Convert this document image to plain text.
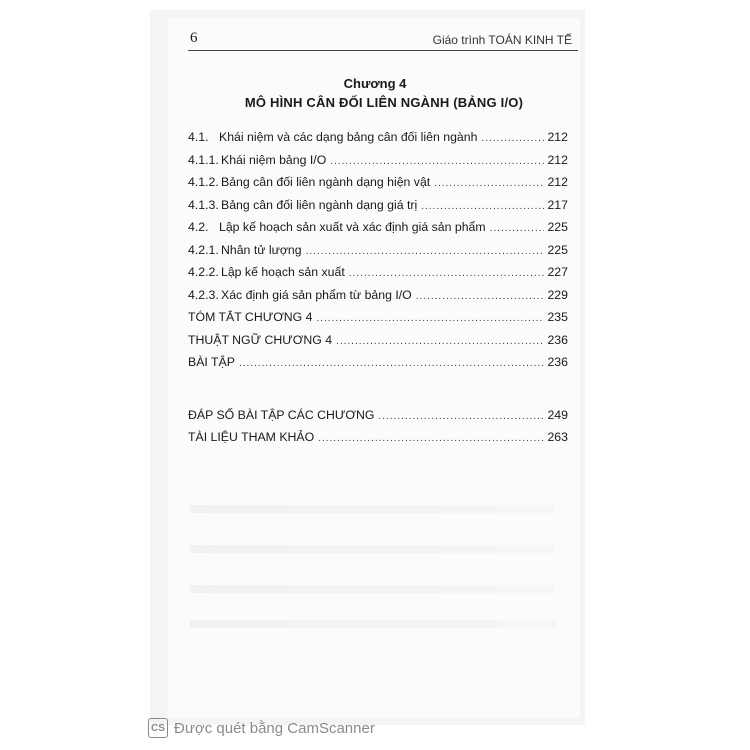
6	Giáo trình TOÁN KINH TẾ
Chương 4
MÔ HÌNH CÂN ĐỐI LIÊN NGÀNH (BẢNG I/O)
4.1. Khái niệm và các dạng bảng cân đối liên ngành .....	212
4.1.1. Khái niệm bảng I/O .....	212
4.1.2. Bảng cân đối liên ngành dạng hiện vật .....	212
4.1.3. Bảng cân đối liên ngành dạng giá trị .....	217
4.2. Lập kế hoạch sản xuất và xác định giá sản phẩm .....	225
4.2.1. Nhân tử lượng .....	225
4.2.2. Lập kế hoạch sản xuất .....	227
4.2.3. Xác định giá sản phẩm từ bảng I/O .....	229
TÓM TẮT CHƯƠNG 4 .....	235
THUẬT NGỮ CHƯƠNG 4 .....	236
BÀI TẬP .....	236
ĐÁP SỐ BÀI TẬP CÁC CHƯƠNG .....	249
TÀI LIỆU THAM KHẢO .....	263
CS Được quét bằng CamScanner
